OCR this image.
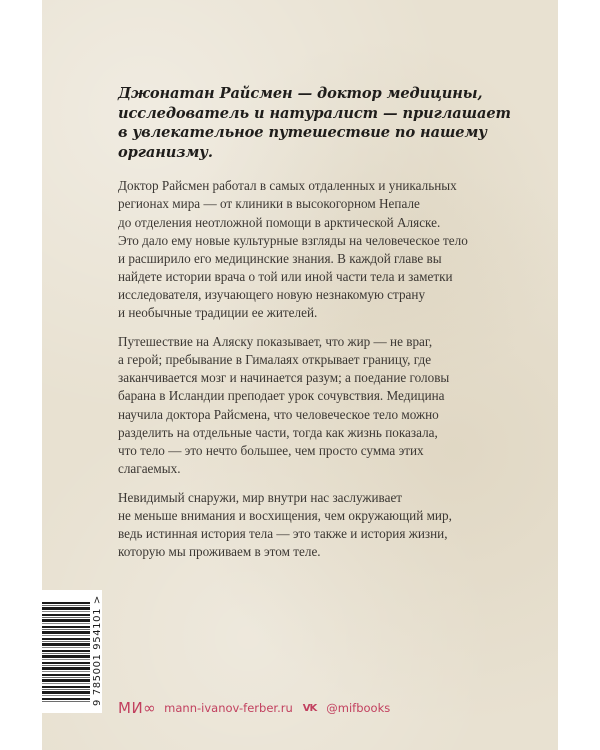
Джонатан Райсмен — доктор медицины,
исследователь и натуралист — приглашает
в увлекательное путешествие по нашему
организму.
Доктор Райсмен работал в самых отдаленных и уникальных
регионах мира — от клиники в высокогорном Непале
до отделения неотложной помощи в арктической Аляске.
Это дало ему новые культурные взгляды на человеческое тело
и расширило его медицинские знания. В каждой главе вы
найдете истории врача о той или иной части тела и заметки
исследователя, изучающего новую незнакомую страну
и необычные традиции ее жителей.
Путешествие на Аляску показывает, что жир — не враг,
а герой; пребывание в Гималаях открывает границу, где
заканчивается мозг и начинается разум; а поедание головы
барана в Исландии преподает урок сочувствия. Медицина
научила доктора Райсмена, что человеческое тело можно
разделить на отдельные части, тогда как жизнь показала,
что тело — это нечто большее, чем просто сумма этих
слагаемых.
Невидимый снаружи, мир внутри нас заслуживает
не меньше внимания и восхищения, чем окружающий мир,
ведь истинная история тела — это также и история жизни,
которую мы проживаем в этом теле.
9 785001 954101 >
МИ∞ mann-ivanov-ferber.ru VK @mifbooks
